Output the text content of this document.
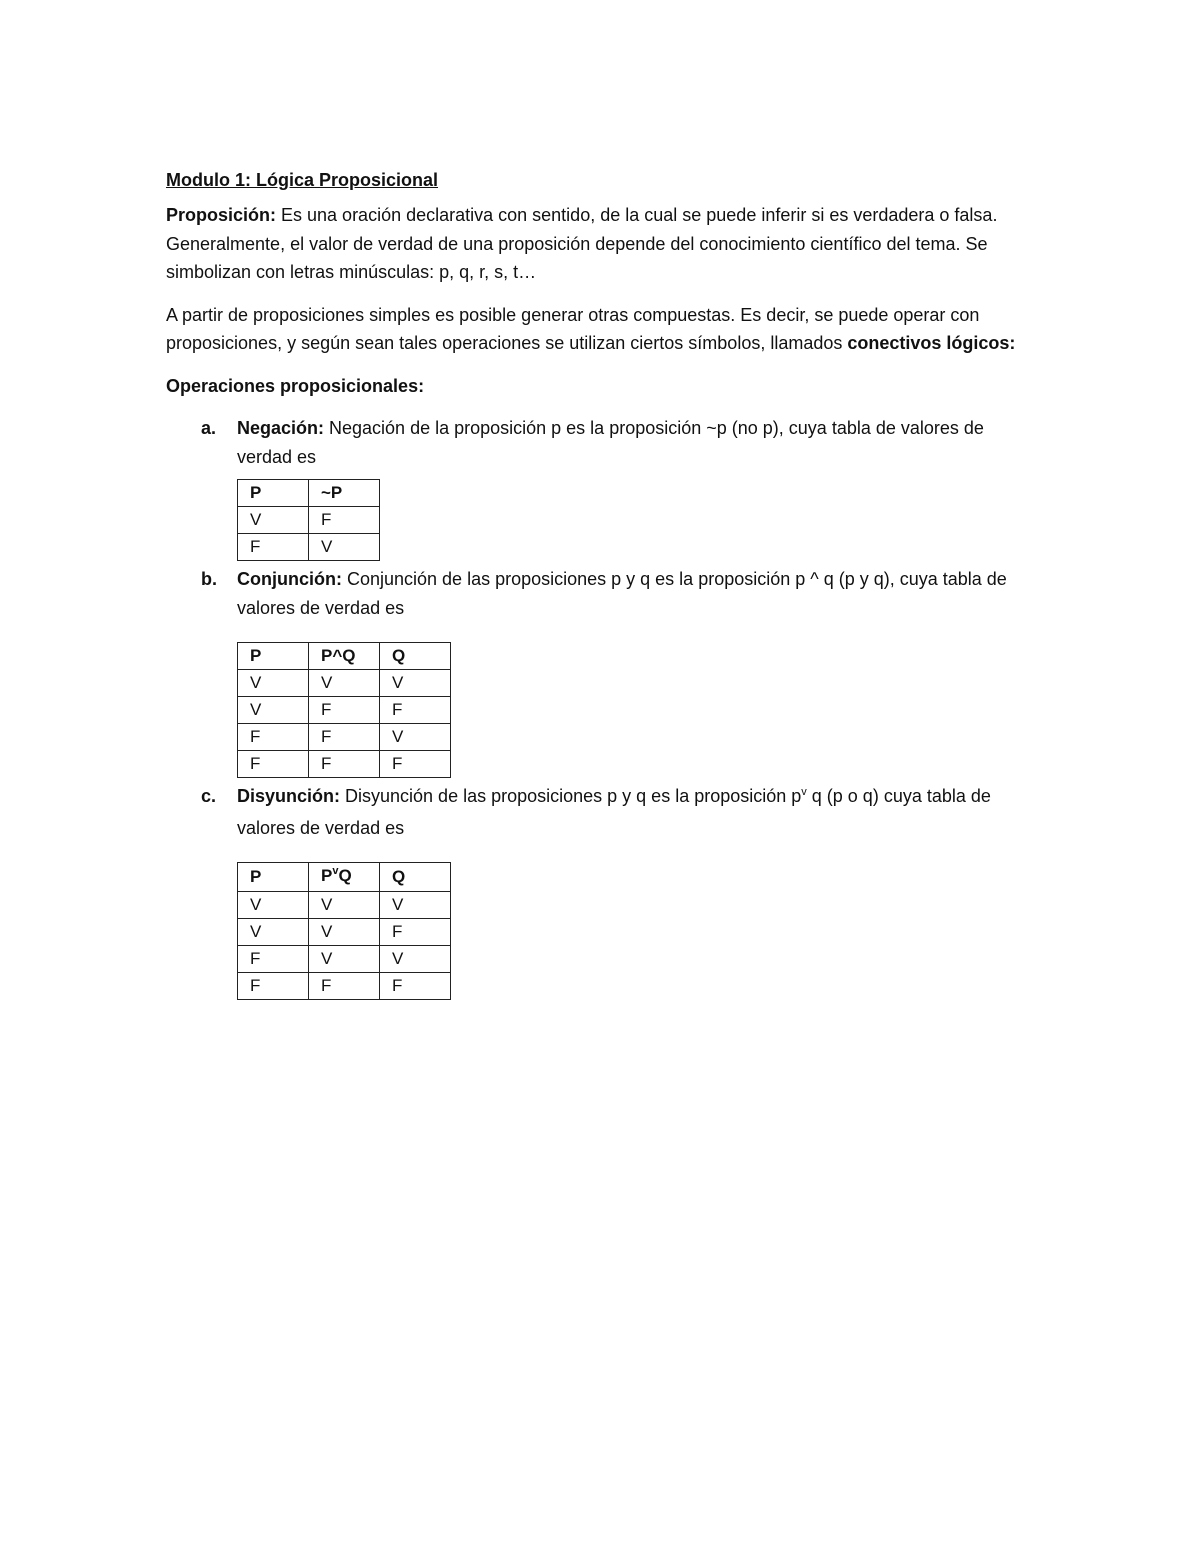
Modulo 1: Lógica Proposicional

Proposición: Es una oración declarativa con sentido, de la cual se puede inferir si es verdadera o falsa. Generalmente, el valor de verdad de una proposición depende del conocimiento científico del tema. Se simbolizan con letras minúsculas: p, q, r, s, t…

A partir de proposiciones simples es posible generar otras compuestas. Es decir, se puede operar con proposiciones, y según sean tales operaciones se utilizan ciertos símbolos, llamados conectivos lógicos:

Operaciones proposicionales:
a. Negación: Negación de la proposición p es la proposición ~p (no p), cuya tabla de valores de verdad es

P	~P
V	F
F	V
b. Conjunción: Conjunción de las proposiciones p y q es la proposición p ^ q (p y q), cuya tabla de valores de verdad es

P	P^Q	Q
V	V	V
V	F	F
F	F	V
F	F	F
c. Disyunción: Disyunción de las proposiciones p y q es la proposición $p^v$ q (p o q) cuya tabla de valores de verdad es

P	$P^vQ$	Q
V	V	V
V	V	F
F	V	V
F	F	F
